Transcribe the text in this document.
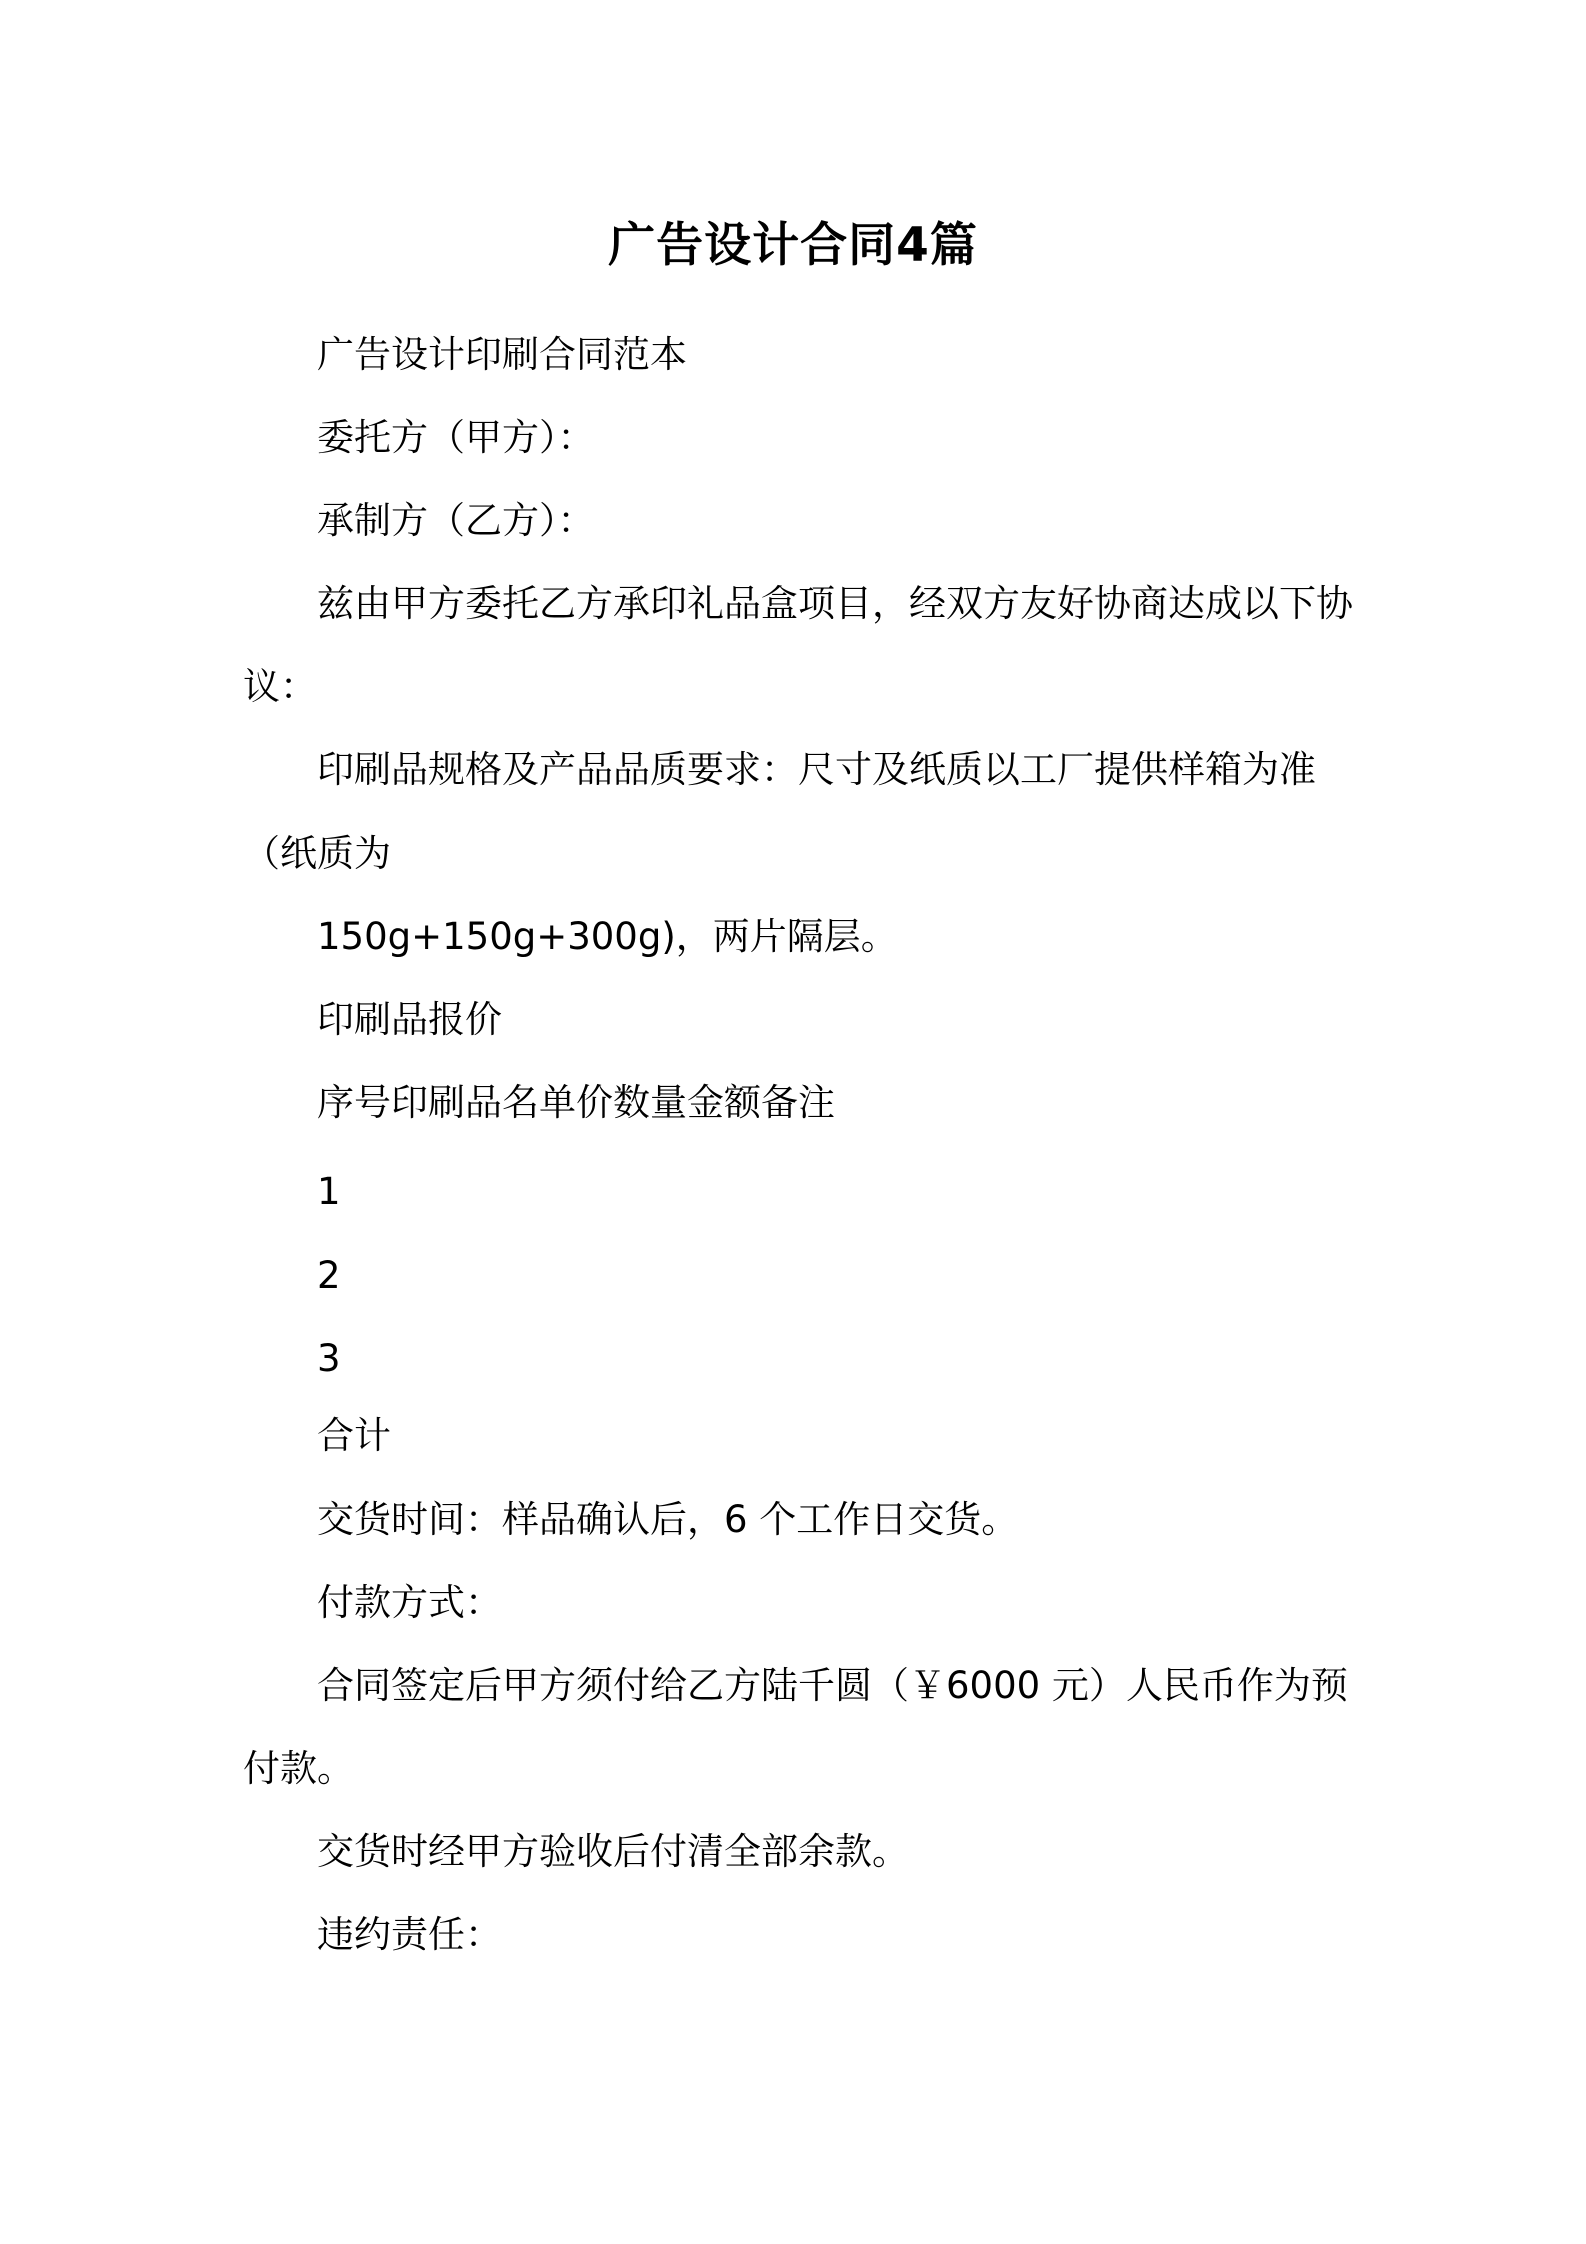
广告设计合同4篇
广告设计印刷合同范本
委托方（甲方）：
承制方（乙方）：
兹由甲方委托乙方承印礼品盒项目，经双方友好协商达成以下协
议：
印刷品规格及产品品质要求：尺寸及纸质以工厂提供样箱为准
（纸质为
150g+150g+300g)，两片隔层。
印刷品报价
序号印刷品名单价数量金额备注
1
2
3
合计
交货时间：样品确认后，6 个工作日交货。
付款方式：
合同签定后甲方须付给乙方陆千圆（￥6000 元）人民币作为预
付款。
交货时经甲方验收后付清全部余款。
违约责任：
